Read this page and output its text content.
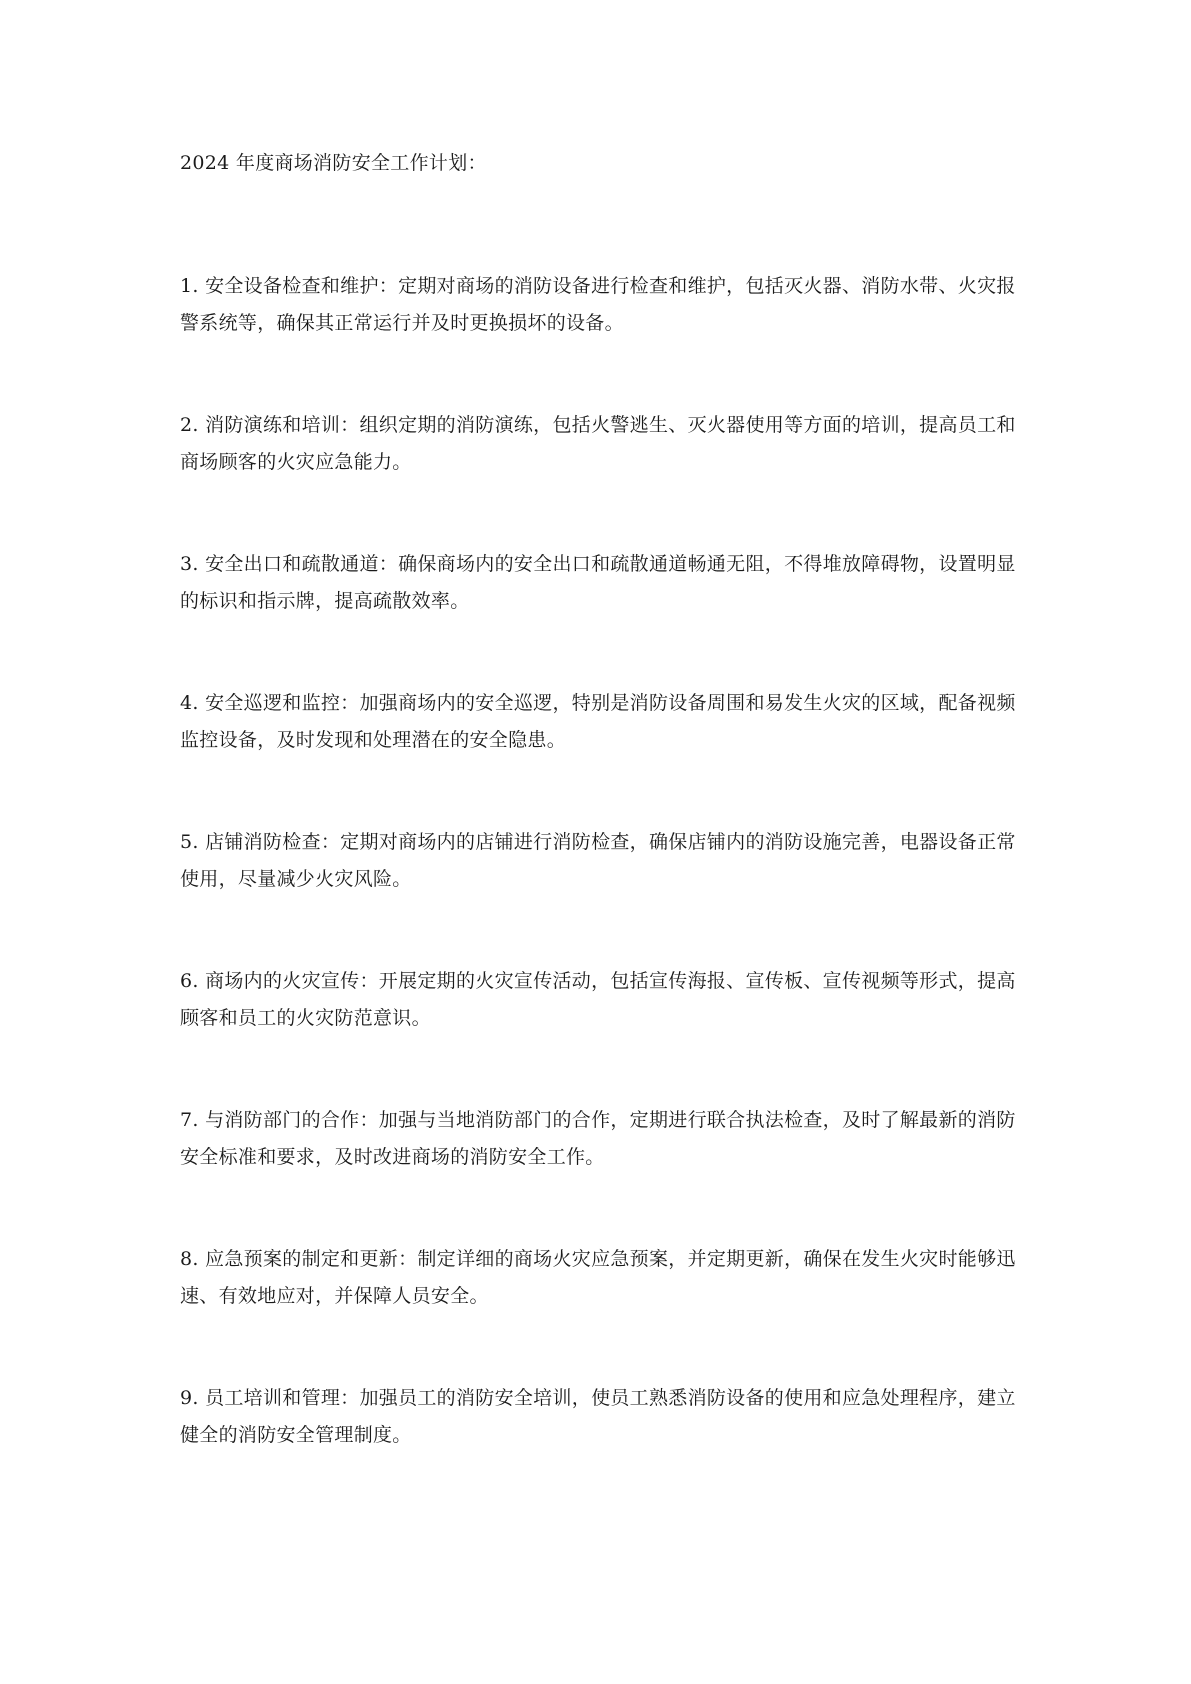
2024 年度商场消防安全工作计划：

1. 安全设备检查和维护：定期对商场的消防设备进行检查和维护，包括灭火器、消防水带、火灾报警系统等，确保其正常运行并及时更换损坏的设备。

2. 消防演练和培训：组织定期的消防演练，包括火警逃生、灭火器使用等方面的培训，提高员工和商场顾客的火灾应急能力。

3. 安全出口和疏散通道：确保商场内的安全出口和疏散通道畅通无阻，不得堆放障碍物，设置明显的标识和指示牌，提高疏散效率。

4. 安全巡逻和监控：加强商场内的安全巡逻，特别是消防设备周围和易发生火灾的区域，配备视频监控设备，及时发现和处理潜在的安全隐患。

5. 店铺消防检查：定期对商场内的店铺进行消防检查，确保店铺内的消防设施完善，电器设备正常使用，尽量减少火灾风险。

6. 商场内的火灾宣传：开展定期的火灾宣传活动，包括宣传海报、宣传板、宣传视频等形式，提高顾客和员工的火灾防范意识。

7. 与消防部门的合作：加强与当地消防部门的合作，定期进行联合执法检查，及时了解最新的消防安全标准和要求，及时改进商场的消防安全工作。

8. 应急预案的制定和更新：制定详细的商场火灾应急预案，并定期更新，确保在发生火灾时能够迅速、有效地应对，并保障人员安全。

9. 员工培训和管理：加强员工的消防安全培训，使员工熟悉消防设备的使用和应急处理程序，建立健全的消防安全管理制度。
